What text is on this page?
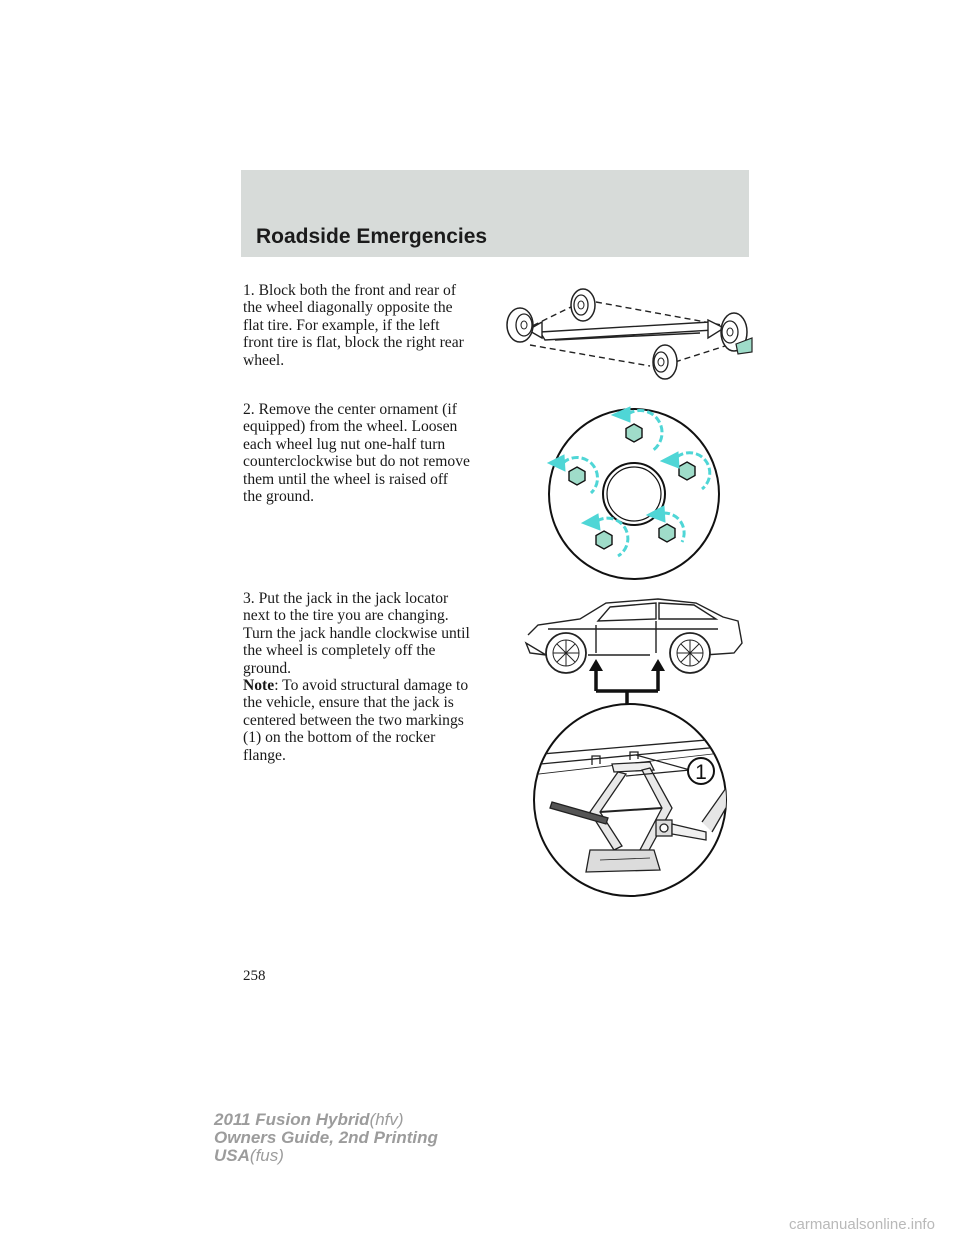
Roadside Emergencies
1. Block both the front and rear of
the wheel diagonally opposite the
flat tire. For example, if the left
front tire is flat, block the right rear
wheel.
2. Remove the center ornament (if
equipped) from the wheel. Loosen
each wheel lug nut one-half turn
counterclockwise but do not remove
them until the wheel is raised off
the ground.
3. Put the jack in the jack locator
next to the tire you are changing.
Turn the jack handle clockwise until
the wheel is completely off the
ground.
Note: To avoid structural damage to
the vehicle, ensure that the jack is
centered between the two markings
(1) on the bottom of the rocker
flange.
1
258
2011 Fusion Hybrid(hfv)
Owners Guide, 2nd Printing
USA(fus)
carmanualsonline.info
